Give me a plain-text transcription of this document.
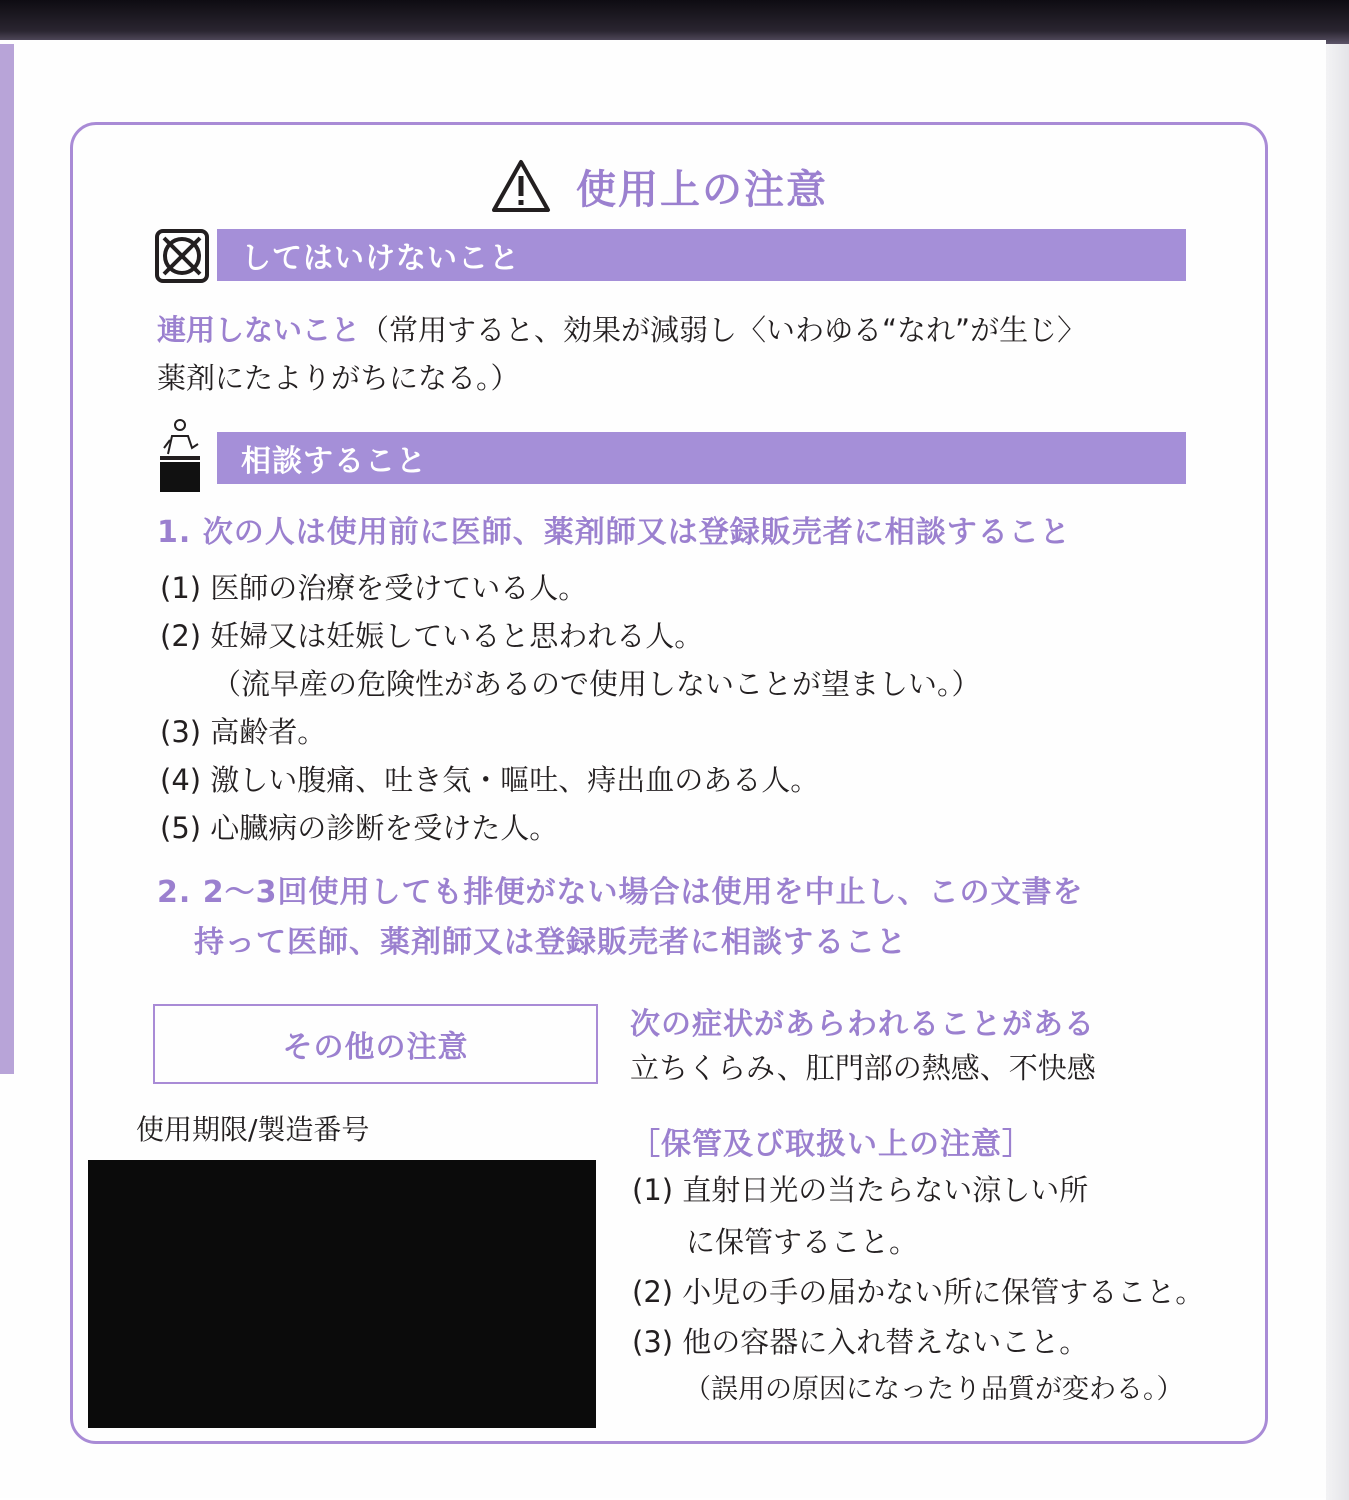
使用上の注意
してはいけないこと
連用しないこと（常用すると、効果が減弱し〈いわゆる“なれ”が生じ〉
薬剤にたよりがちになる。）
相談すること
1. 次の人は使用前に医師、薬剤師又は登録販売者に相談すること
(1) 医師の治療を受けている人。
(2) 妊婦又は妊娠していると思われる人。
（流早産の危険性があるので使用しないことが望ましい。）
(3) 高齢者。
(4) 激しい腹痛、吐き気・嘔吐、痔出血のある人。
(5) 心臓病の診断を受けた人。
2. 2～3回使用しても排便がない場合は使用を中止し、この文書を
持って医師、薬剤師又は登録販売者に相談すること
その他の注意
次の症状があらわれることがある
立ちくらみ、肛門部の熱感、不快感
使用期限/製造番号	［保管及び取扱い上の注意］
(1) 直射日光の当たらない涼しい所
に保管すること。
(2) 小児の手の届かない所に保管すること。
(3) 他の容器に入れ替えないこと。
（誤用の原因になったり品質が変わる。）
